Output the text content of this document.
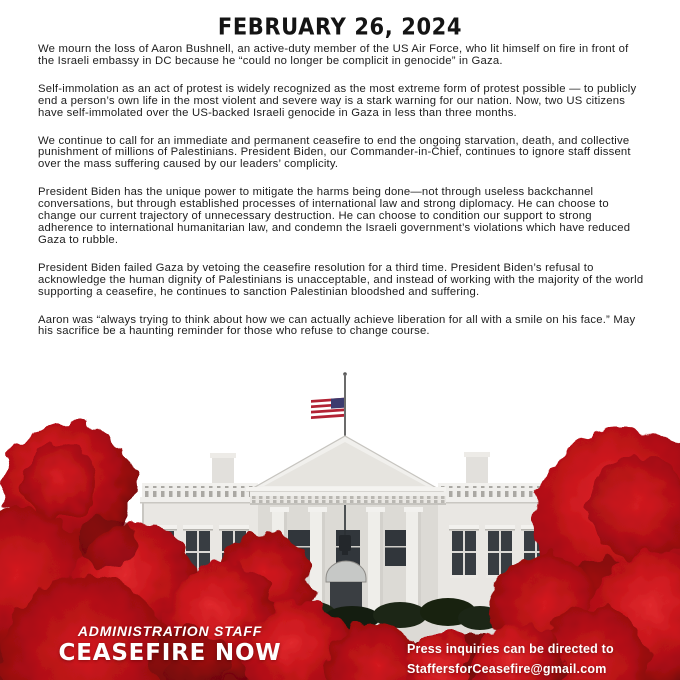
FEBRUARY 26, 2024

We mourn the loss of Aaron Bushnell, an active-duty member of the US Air Force, who lit himself on fire in front of the Israeli embassy in DC because he “could no longer be complicit in genocide” in Gaza.

Self-immolation as an act of protest is widely recognized as the most extreme form of protest possible — to publicly end a person’s own life in the most violent and severe way is a stark warning for our nation. Now, two US citizens have self-immolated over the US-backed Israeli genocide in Gaza in less than three months.

We continue to call for an immediate and permanent ceasefire to end the ongoing starvation, death, and collective punishment of millions of Palestinians. President Biden, our Commander-in-Chief, continues to ignore staff dissent over the mass suffering caused by our leaders’ complicity.

President Biden has the unique power to mitigate the harms being done—not through useless backchannel conversations, but through established processes of international law and strong diplomacy. He can choose to change our current trajectory of unnecessary destruction. He can choose to condition our support to strong adherence to international humanitarian law, and condemn the Israeli government’s violations which have reduced Gaza to rubble.

President Biden failed Gaza by vetoing the ceasefire resolution for a third time. President Biden’s refusal to acknowledge the human dignity of Palestinians is unacceptable, and instead of working with the majority of the world supporting a ceasefire, he continues to sanction Palestinian bloodshed and suffering.

Aaron was “always trying to think about how we can actually achieve liberation for all with a smile on his face.” May his sacrifice be a haunting reminder for those who refuse to change course.

ADMINISTRATION STAFF
CEASEFIRE NOW	Press inquiries can be directed to
StaffersforCeasefire@gmail.com
